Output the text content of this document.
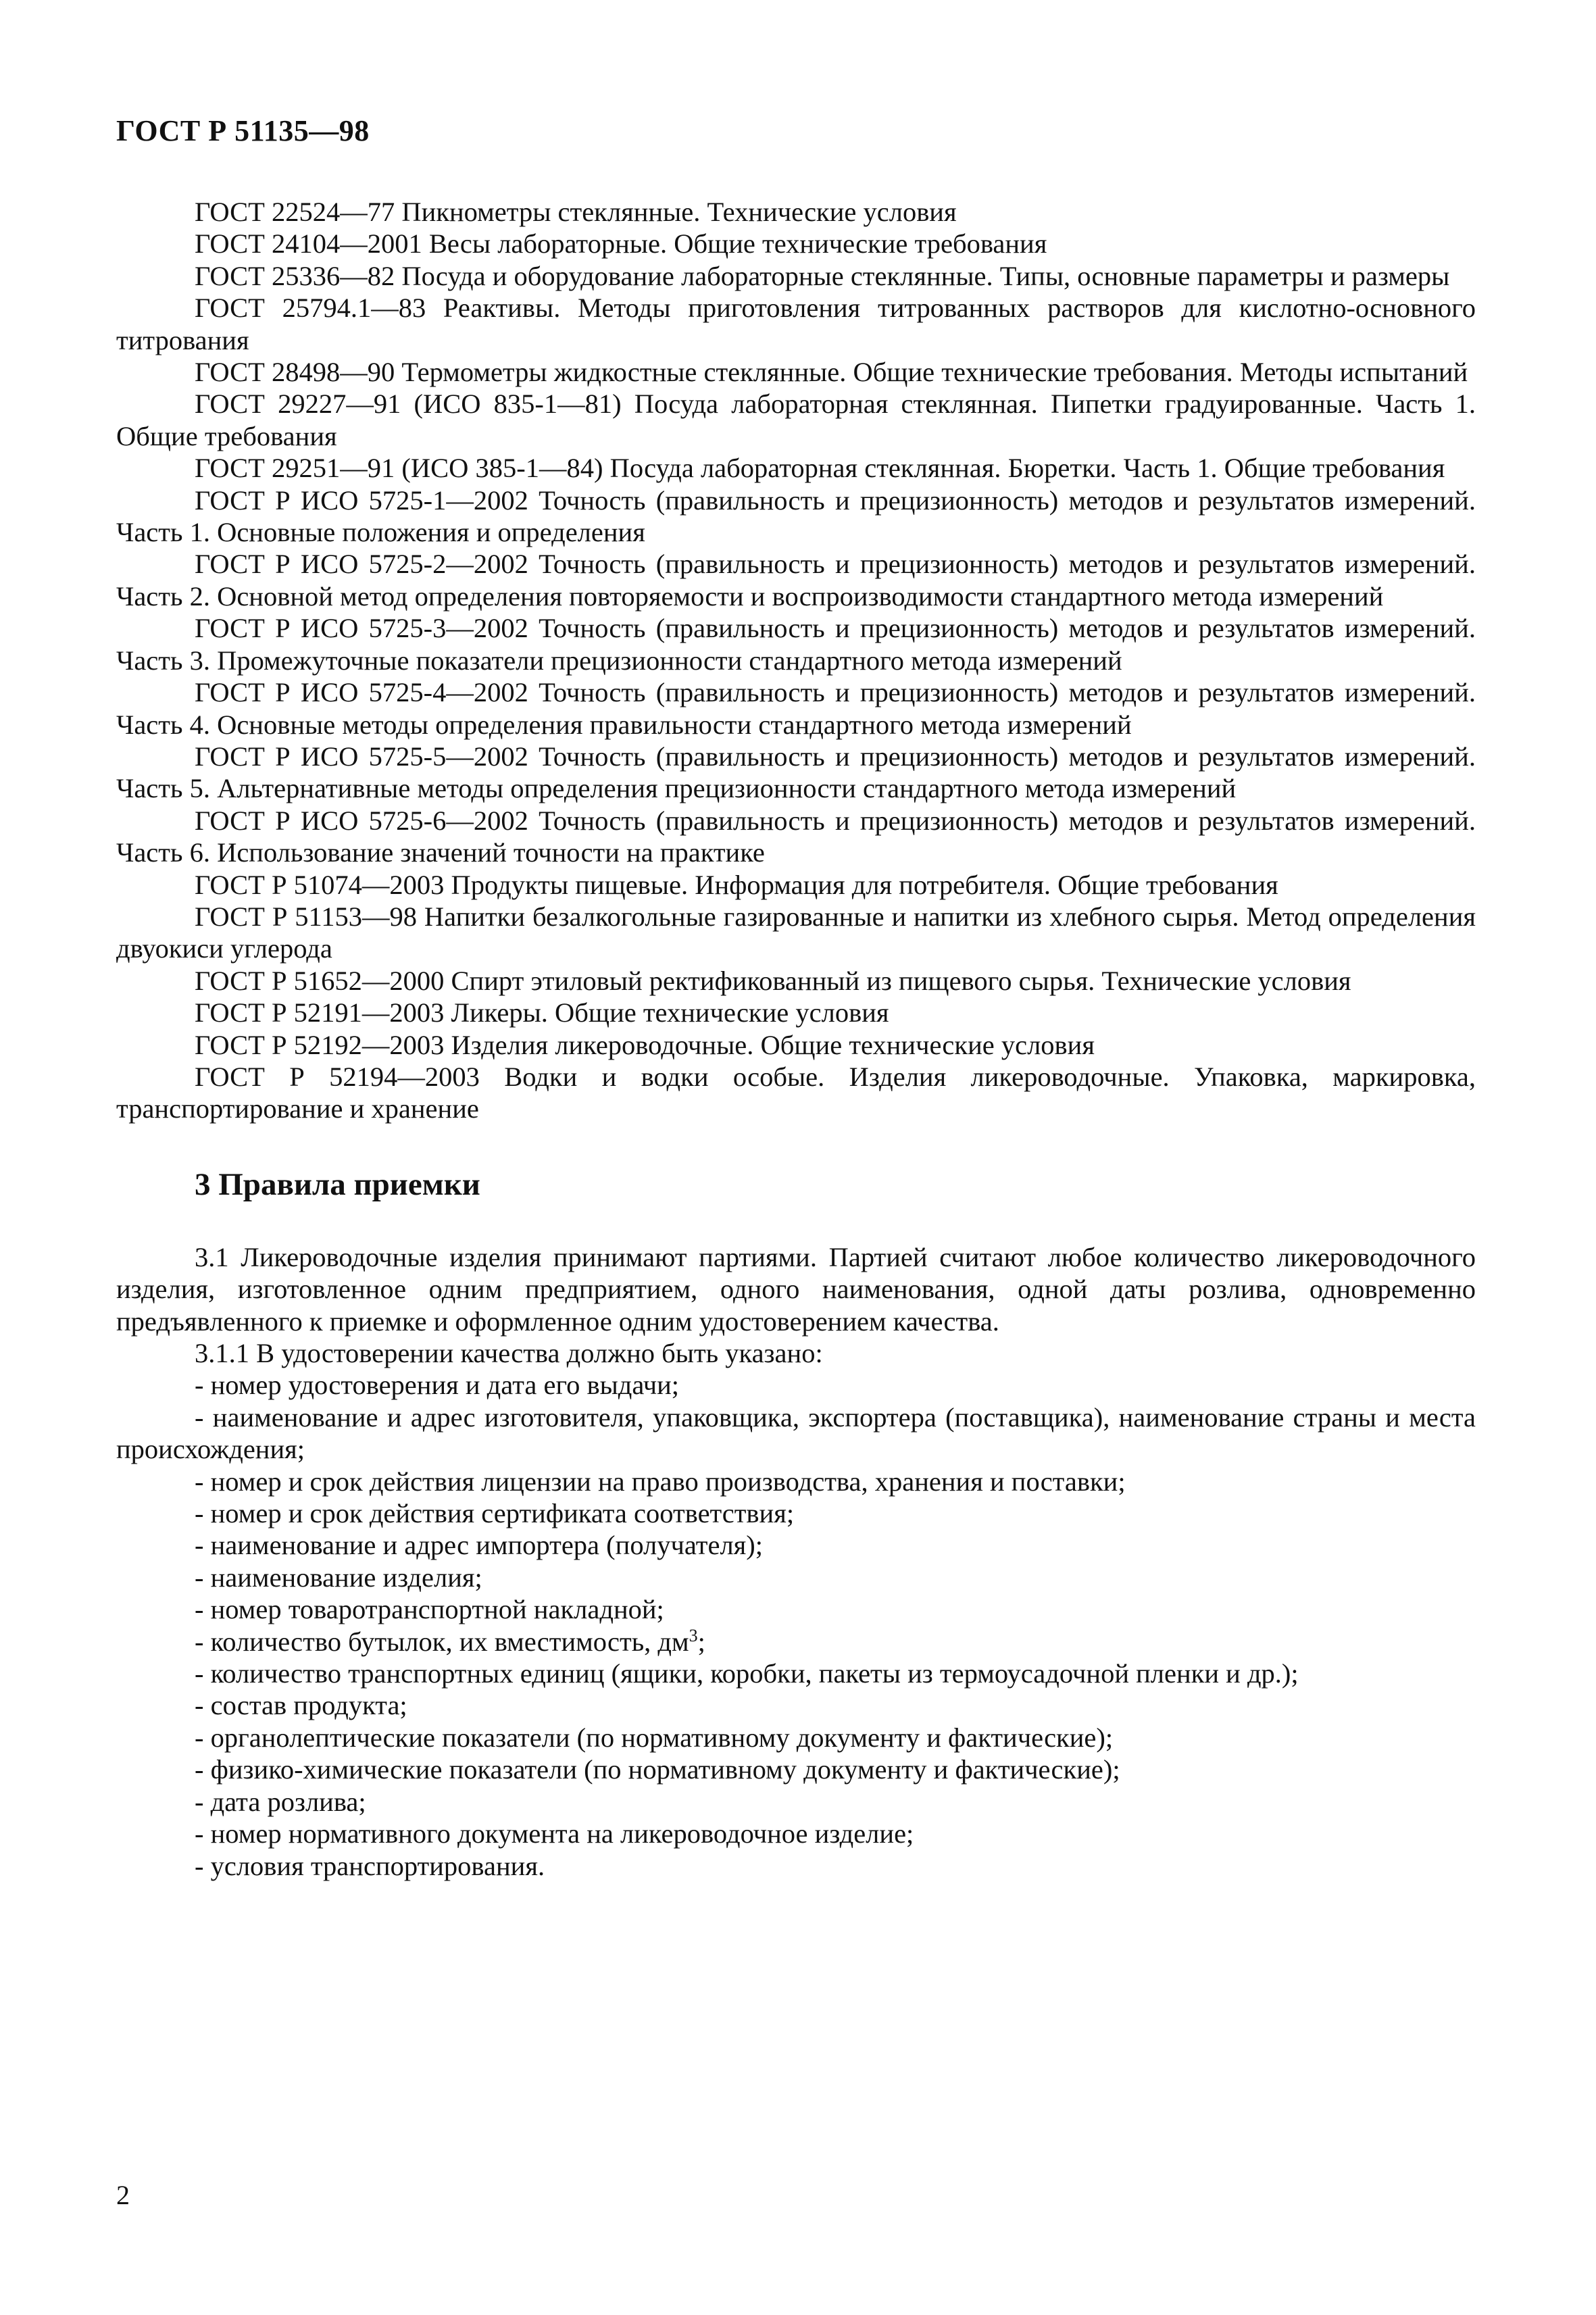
ГОСТ Р 51135—98

ГОСТ 22524—77 Пикнометры стеклянные. Технические условия

ГОСТ 24104—2001 Весы лабораторные. Общие технические требования

ГОСТ 25336—82 Посуда и оборудование лабораторные стеклянные. Типы, основные параметры и размеры

ГОСТ 25794.1—83 Реактивы. Методы приготовления титрованных растворов для кислотно-основного титрования

ГОСТ 28498—90 Термометры жидкостные стеклянные. Общие технические требования. Методы испытаний

ГОСТ 29227—91 (ИСО 835-1—81) Посуда лабораторная стеклянная. Пипетки градуированные. Часть 1. Общие требования

ГОСТ 29251—91 (ИСО 385-1—84) Посуда лабораторная стеклянная. Бюретки. Часть 1. Общие требования

ГОСТ Р ИСО 5725-1—2002 Точность (правильность и прецизионность) методов и результатов измерений. Часть 1. Основные положения и определения

ГОСТ Р ИСО 5725-2—2002 Точность (правильность и прецизионность) методов и результатов измерений. Часть 2. Основной метод определения повторяемости и воспроизводимости стандартного метода измерений

ГОСТ Р ИСО 5725-3—2002 Точность (правильность и прецизионность) методов и результатов измерений. Часть 3. Промежуточные показатели прецизионности стандартного метода измерений

ГОСТ Р ИСО 5725-4—2002 Точность (правильность и прецизионность) методов и результатов измерений. Часть 4. Основные методы определения правильности стандартного метода измерений

ГОСТ Р ИСО 5725-5—2002 Точность (правильность и прецизионность) методов и результатов измерений. Часть 5. Альтернативные методы определения прецизионности стандартного метода измерений

ГОСТ Р ИСО 5725-6—2002 Точность (правильность и прецизионность) методов и результатов измерений. Часть 6. Использование значений точности на практике

ГОСТ Р 51074—2003 Продукты пищевые. Информация для потребителя. Общие требования

ГОСТ Р 51153—98 Напитки безалкогольные газированные и напитки из хлебного сырья. Метод определения двуокиси углерода

ГОСТ Р 51652—2000 Спирт этиловый ректификованный из пищевого сырья. Технические условия

ГОСТ Р 52191—2003 Ликеры. Общие технические условия

ГОСТ Р 52192—2003 Изделия ликероводочные. Общие технические условия

ГОСТ Р 52194—2003 Водки и водки особые. Изделия ликероводочные. Упаковка, маркировка, транспортирование и хранение

3 Правила приемки

3.1 Ликероводочные изделия принимают партиями. Партией считают любое количество ликероводочного изделия, изготовленное одним предприятием, одного наименования, одной даты розлива, одновременно предъявленного к приемке и оформленное одним удостоверением качества.

3.1.1 В удостоверении качества должно быть указано:

- номер удостоверения и дата его выдачи;

- наименование и адрес изготовителя, упаковщика, экспортера (поставщика), наименование страны и места происхождения;

- номер и срок действия лицензии на право производства, хранения и поставки;

- номер и срок действия сертификата соответствия;

- наименование и адрес импортера (получателя);

- наименование изделия;

- номер товаротранспортной накладной;

- количество бутылок, их вместимость, $дм^3$;

- количество транспортных единиц (ящики, коробки, пакеты из термоусадочной пленки и др.);

- состав продукта;

- органолептические показатели (по нормативному документу и фактические);

- физико-химические показатели (по нормативному документу и фактические);

- дата розлива;

- номер нормативного документа на ликероводочное изделие;

- условия транспортирования.

2
